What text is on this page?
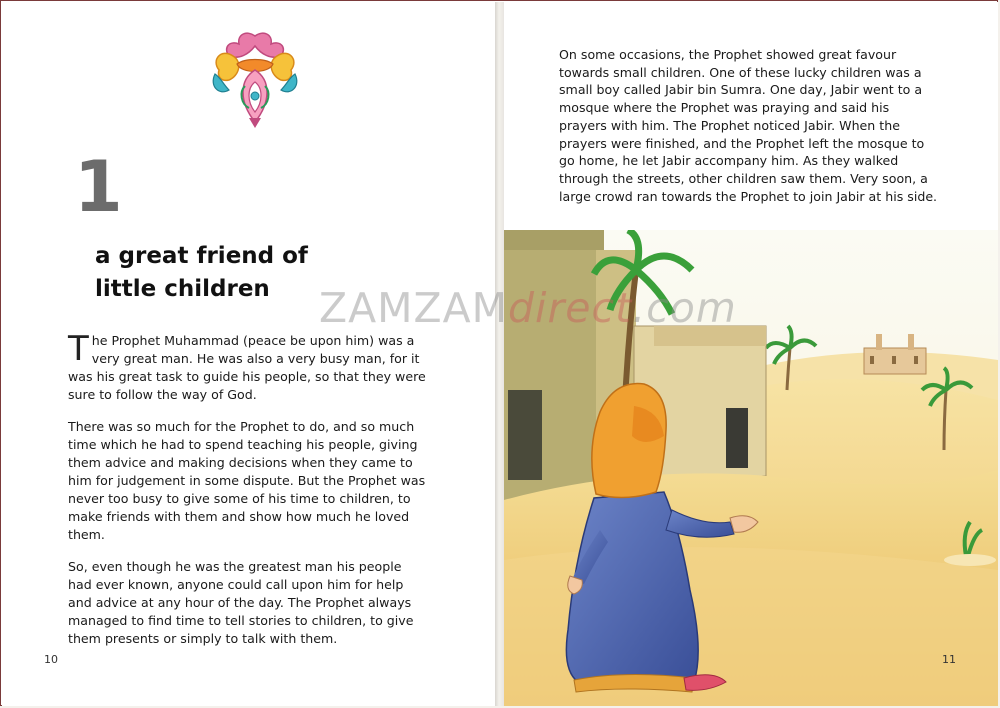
1
a great friend of
little children

The Prophet Muhammad (peace be upon him) was a very great man. He was also a very busy man, for it was his great task to guide his people, so that they were sure to follow the way of God.

There was so much for the Prophet to do, and so much time which he had to spend teaching his people, giving them advice and making decisions when they came to him for judgement in some dispute. But the Prophet was never too busy to give some of his time to children, to make friends with them and show how much he loved them.

So, even though he was the greatest man his people had ever known, anyone could call upon him for help and advice at any hour of the day. The Prophet always managed to find time to tell stories to children, to give them presents or simply to talk with them.

10

On some occasions, the Prophet showed great favour towards small children. One of these lucky children was a small boy called Jabir bin Sumra. One day, Jabir went to a mosque where the Prophet was praying and said his prayers with him. The Prophet noticed Jabir. When the prayers were finished, and the Prophet left the mosque to go home, he let Jabir accompany him. As they walked through the streets, other children saw them. Very soon, a large crowd ran towards the Prophet to join Jabir at his side.

11
ZAMZAMdirect.com
